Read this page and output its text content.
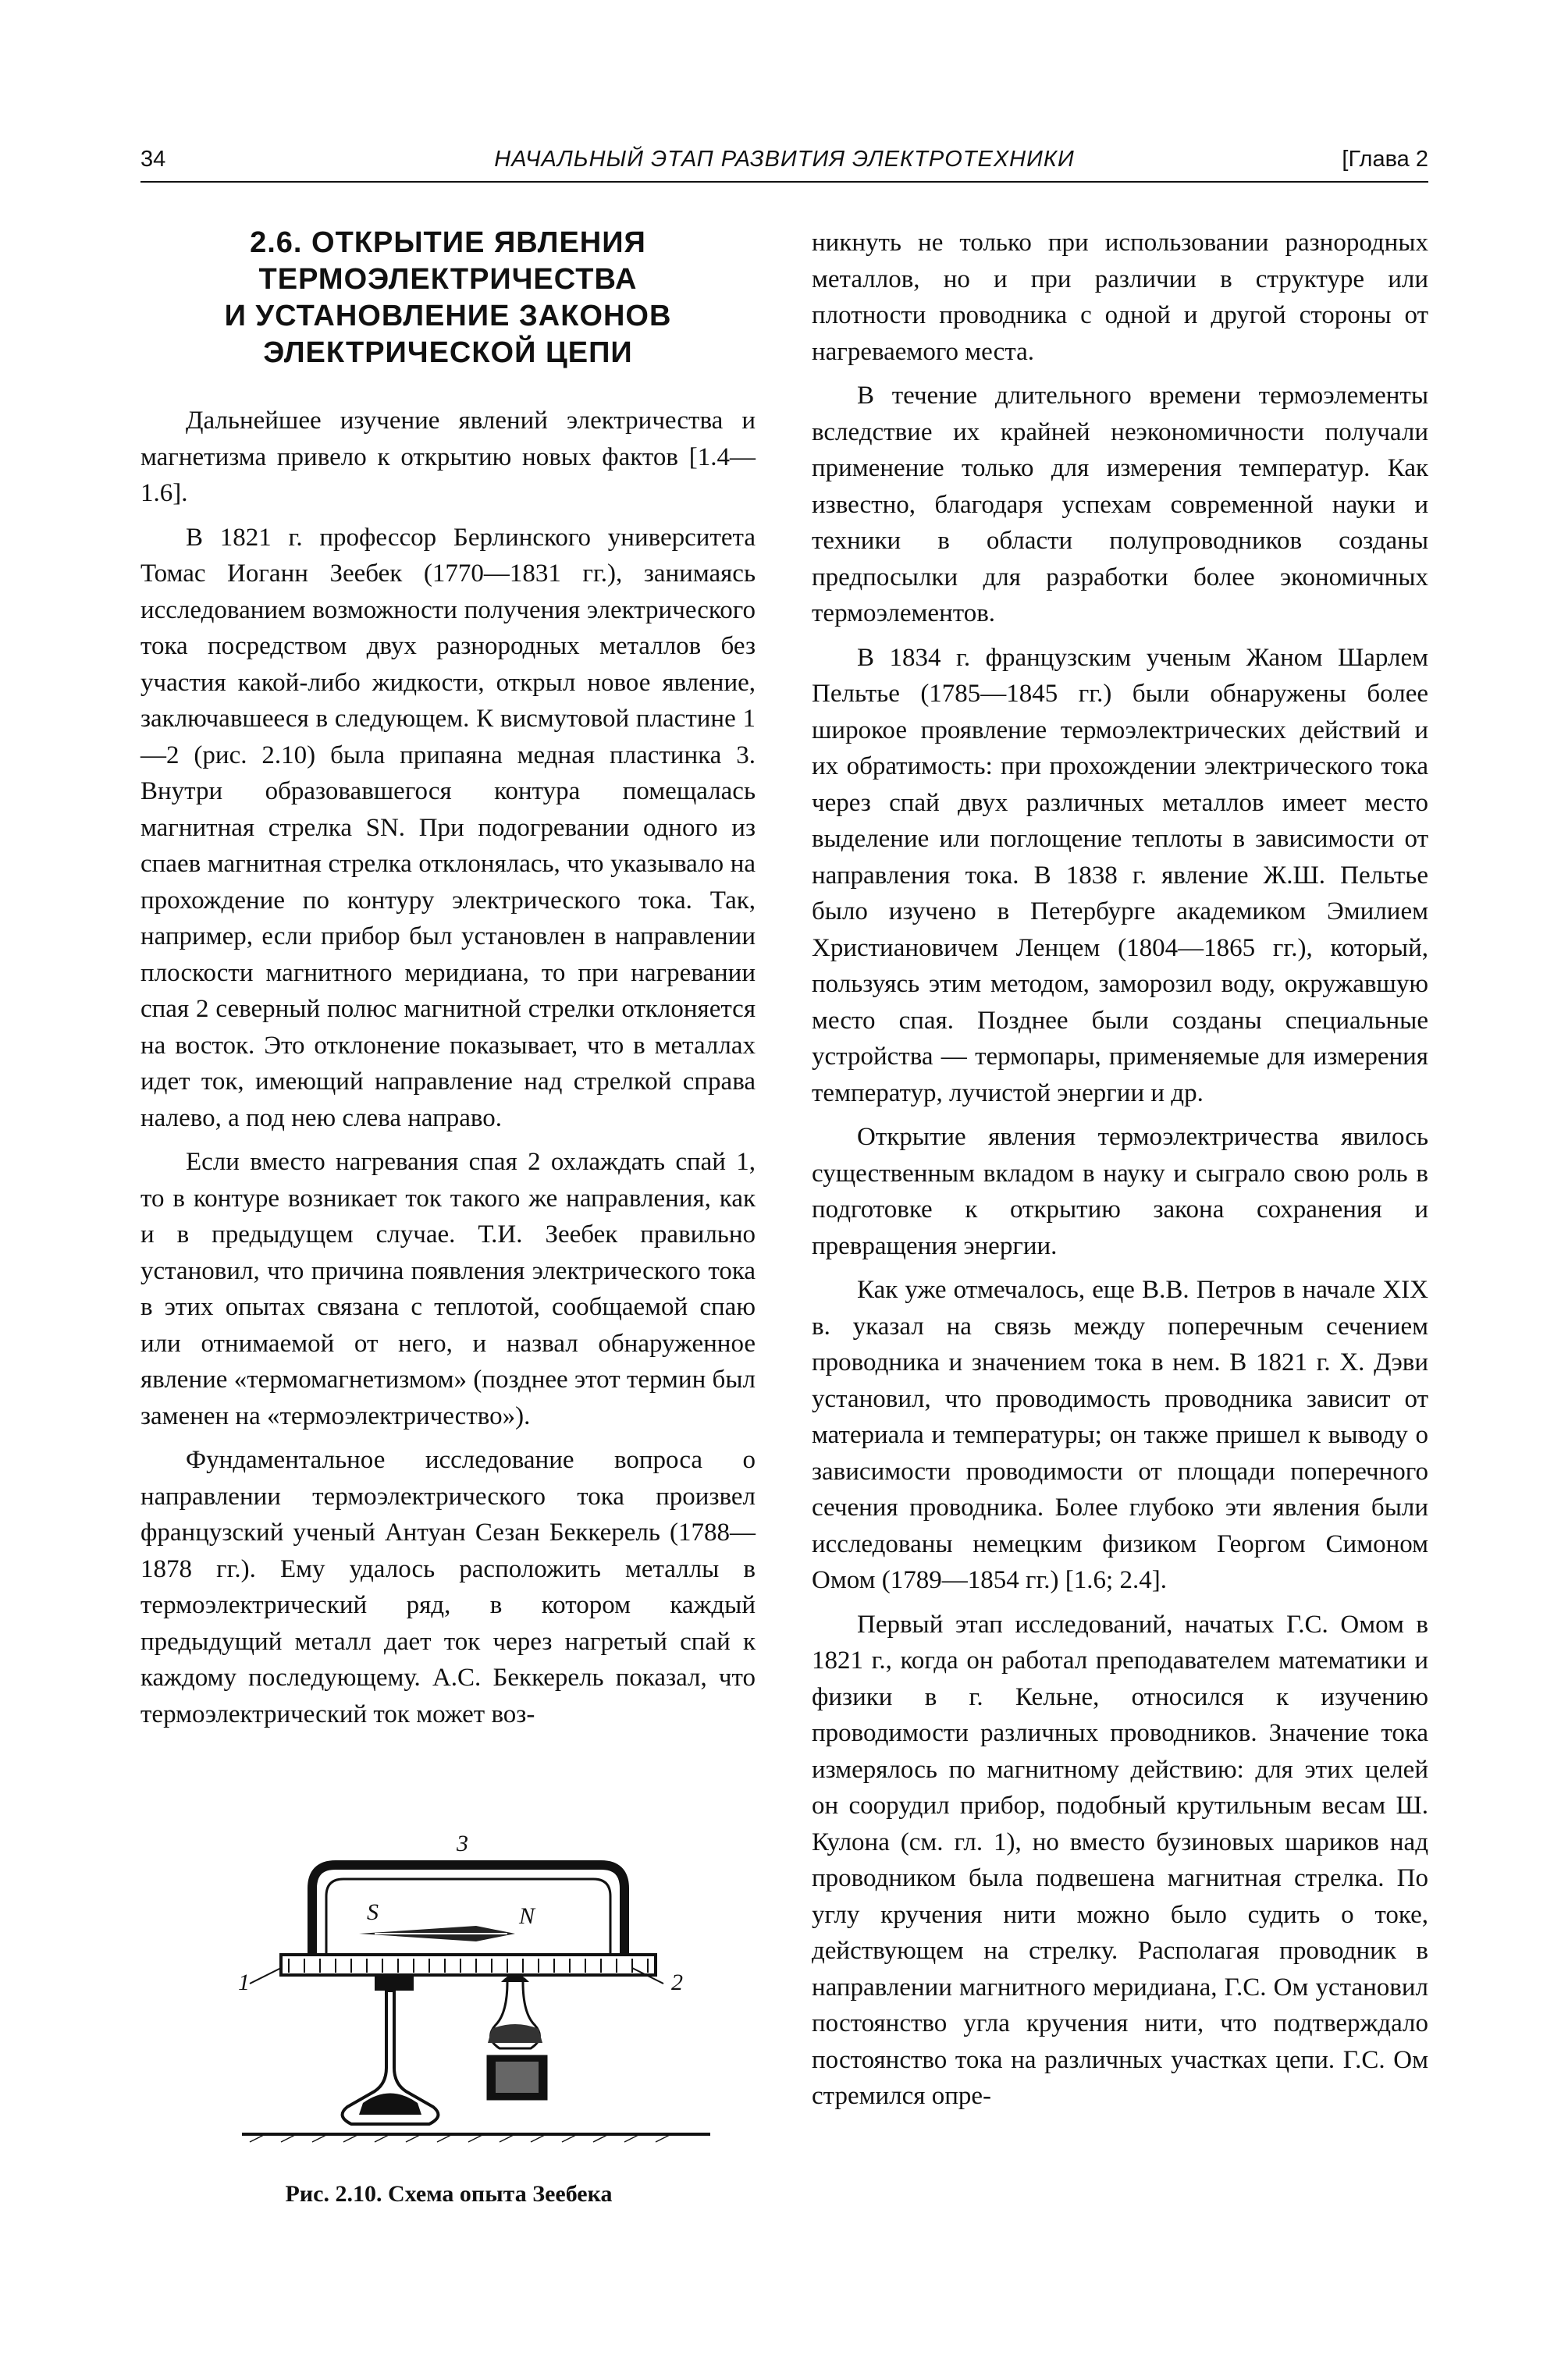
34	НАЧАЛЬНЫЙ ЭТАП РАЗВИТИЯ ЭЛЕКТРОТЕХНИКИ	[Глава 2
2.6. ОТКРЫТИЕ ЯВЛЕНИЯ
ТЕРМОЭЛЕКТРИЧЕСТВА
И УСТАНОВЛЕНИЕ ЗАКОНОВ
ЭЛЕКТРИЧЕСКОЙ ЦЕПИ

Дальнейшее изучение явлений электричества и магнетизма привело к открытию новых фактов [1.4—1.6].

В 1821 г. профессор Берлинского университета Томас Иоганн Зеебек (1770—1831 гг.), занимаясь исследованием возможности получения электрического тока посредством двух разнородных металлов без участия какой-либо жидкости, открыл новое явление, заключавшееся в следующем. К висмутовой пластине 1—2 (рис. 2.10) была припаяна медная пластинка 3. Внутри образовавшегося контура помещалась магнитная стрелка SN. При подогревании одного из спаев магнитная стрелка отклонялась, что указывало на прохождение по контуру электрического тока. Так, например, если прибор был установлен в направлении плоскости магнитного меридиана, то при нагревании спая 2 северный полюс магнитной стрелки отклоняется на восток. Это отклонение показывает, что в металлах идет ток, имеющий направление над стрелкой справа налево, а под нею слева направо.

Если вместо нагревания спая 2 охлаждать спай 1, то в контуре возникает ток такого же направления, как и в предыдущем случае. Т.И. Зеебек правильно установил, что причина появления электрического тока в этих опытах связана с теплотой, сообщаемой спаю или отнимаемой от него, и назвал обнаруженное явление «термомагнетизмом» (позднее этот термин был заменен на «термоэлектричество»).

Фундаментальное исследование вопроса о направлении термоэлектрического тока произвел французский ученый Антуан Сезан Беккерель (1788—1878 гг.). Ему удалось расположить металлы в термоэлектрический ряд, в котором каждый предыдущий металл дает ток через нагретый спай к каждому последующему. А.С. Беккерель показал, что термоэлектрический ток может воз-

никнуть не только при использовании разнородных металлов, но и при различии в структуре или плотности проводника с одной и другой стороны от нагреваемого места.

В течение длительного времени термоэлементы вследствие их крайней неэкономичности получали применение только для измерения температур. Как известно, благодаря успехам современной науки и техники в области полупроводников созданы предпосылки для разработки более экономичных термоэлементов.

В 1834 г. французским ученым Жаном Шарлем Пельтье (1785—1845 гг.) были обнаружены более широкое проявление термоэлектрических действий и их обратимость: при прохождении электрического тока через спай двух различных металлов имеет место выделение или поглощение теплоты в зависимости от направления тока. В 1838 г. явление Ж.Ш. Пельтье было изучено в Петербурге академиком Эмилием Христиановичем Ленцем (1804—1865 гг.), который, пользуясь этим методом, заморозил воду, окружавшую место спая. Позднее были созданы специальные устройства — термопары, применяемые для измерения температур, лучистой энергии и др.

Открытие явления термоэлектричества явилось существенным вкладом в науку и сыграло свою роль в подготовке к открытию закона сохранения и превращения энергии.

Как уже отмечалось, еще В.В. Петров в начале XIX в. указал на связь между поперечным сечением проводника и значением тока в нем. В 1821 г. Х. Дэви установил, что проводимость проводника зависит от материала и температуры; он также пришел к выводу о зависимости проводимости от площади поперечного сечения проводника. Более глубоко эти явления были исследованы немецким физиком Георгом Симоном Омом (1789—1854 гг.) [1.6; 2.4].

Первый этап исследований, начатых Г.С. Омом в 1821 г., когда он работал преподавателем математики и физики в г. Кельне, относился к изучению проводимости различных проводников. Значение тока измерялось по магнитному действию: для этих целей он соорудил прибор, подобный крутильным весам Ш. Кулона (см. гл. 1), но вместо бузиновых шариков над проводником была подвешена магнитная стрелка. По углу кручения нити можно было судить о токе, действующем на стрелку. Располагая проводник в направлении магнитного меридиана, Г.С. Ом установил постоянство угла кручения нити, что подтверждало постоянство тока на различных участках цепи. Г.С. Ом стремился опре-

3
S	N
1	2
Рис. 2.10. Схема опыта Зеебека
